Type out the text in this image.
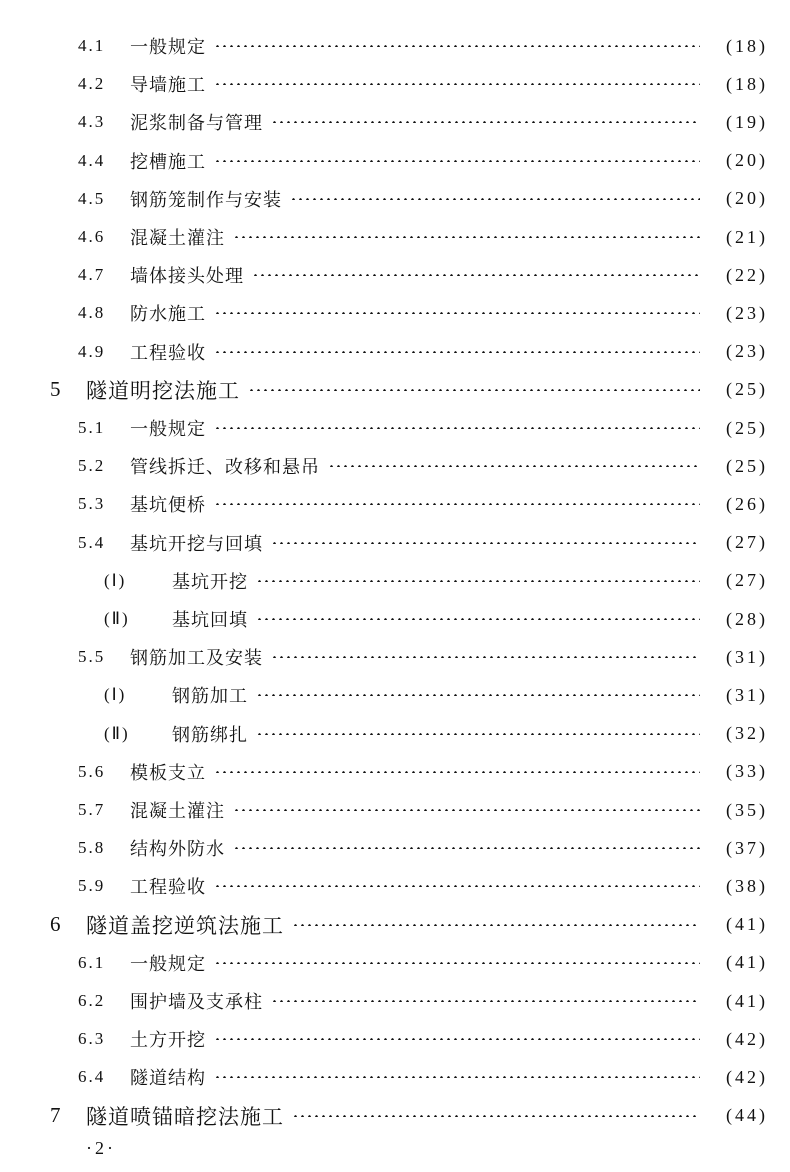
4.1 一般规定	(18)
4.2 导墙施工	(18)
4.3 泥浆制备与管理	(19)
4.4 挖槽施工	(20)
4.5 钢筋笼制作与安装	(20)
4.6 混凝土灌注	(21)
4.7 墙体接头处理	(22)
4.8 防水施工	(23)
4.9 工程验收	(23)
5 隧道明挖法施工	(25)
5.1 一般规定	(25)
5.2 管线拆迁、改移和悬吊	(25)
5.3 基坑便桥	(26)
5.4 基坑开挖与回填	(27)
(Ⅰ)	基坑开挖	(27)
(Ⅱ) 基坑回填	(28)
5.5 钢筋加工及安装	(31)
(Ⅰ)	钢筋加工	(31)
(Ⅱ) 钢筋绑扎	(32)
5.6 模板支立	(33)
5.7 混凝土灌注	(35)
5.8 结构外防水	(37)
5.9 工程验收	(38)
6 隧道盖挖逆筑法施工	(41)
6.1 一般规定	(41)
6.2 围护墙及支承柱	(41)
6.3 土方开挖	(42)
6.4 隧道结构	(42)
7 隧道喷锚暗挖法施工	(44)
·2·
